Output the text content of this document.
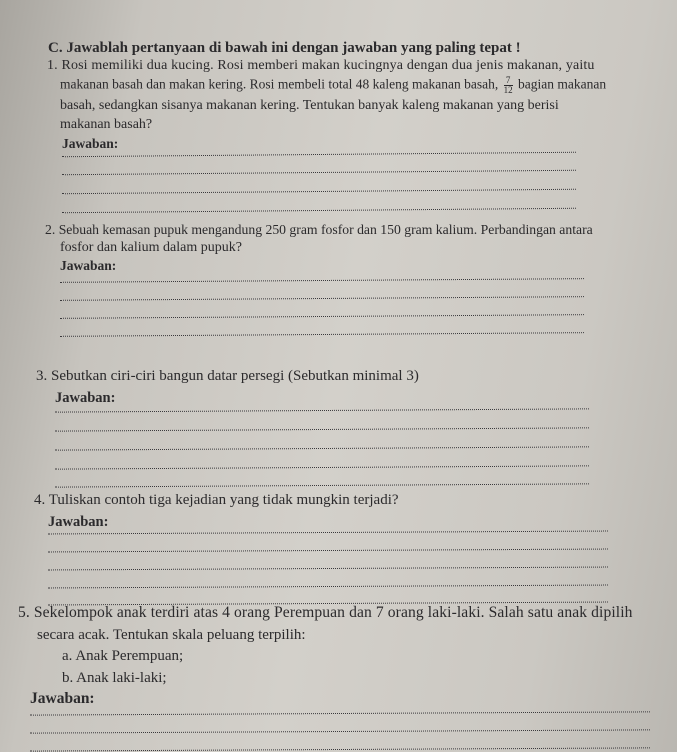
C. Jawablah pertanyaan di bawah ini dengan jawaban yang paling tepat !
1. Rosi memiliki dua kucing. Rosi memberi makan kucingnya dengan dua jenis makanan, yaitu
makanan basah dan makan kering. Rosi membeli total 48 kaleng makanan basah, $\frac{7}{12}$ bagian makanan
basah, sedangkan sisanya makanan kering. Tentukan banyak kaleng makanan yang berisi
makanan basah?
Jawaban:
2. Sebuah kemasan pupuk mengandung 250 gram fosfor dan 150 gram kalium. Perbandingan antara
fosfor dan kalium dalam pupuk?
Jawaban:
3. Sebutkan ciri-ciri bangun datar persegi (Sebutkan minimal 3)
Jawaban:
4. Tuliskan contoh tiga kejadian yang tidak mungkin terjadi?
Jawaban:
5. Sekelompok anak terdiri atas 4 orang Perempuan dan 7 orang laki-laki. Salah satu anak dipilih
secara acak. Tentukan skala peluang terpilih:
a. Anak Perempuan;
b. Anak laki-laki;
Jawaban:
